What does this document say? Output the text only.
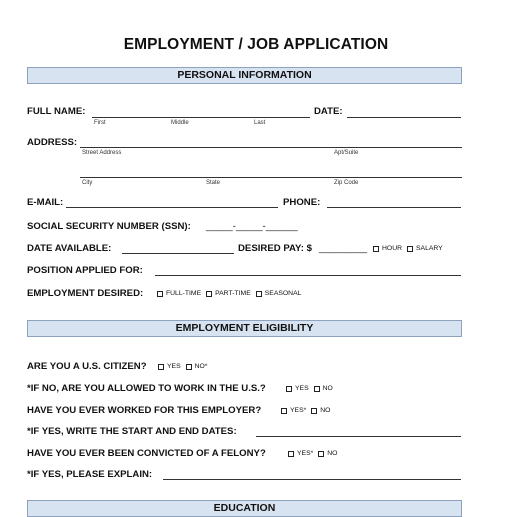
EMPLOYMENT / JOB APPLICATION
PERSONAL INFORMATION
FULL NAME:
First	Middle	Last
DATE:
ADDRESS:
Street Address	Apt/Suite
City	State	Zip Code
E-MAIL:	PHONE:
SOCIAL SECURITY NUMBER (SSN): _____-_____-______
DATE AVAILABLE:	DESIRED PAY: $ _________ HOUR SALARY
POSITION APPLIED FOR:
EMPLOYMENT DESIRED:	FULL-TIME PART-TIME SEASONAL
EMPLOYMENT ELIGIBILITY
ARE YOU A U.S. CITIZEN?	YES NO*
*IF NO, ARE YOU ALLOWED TO WORK IN THE U.S.?	YES NO
HAVE YOU EVER WORKED FOR THIS EMPLOYER?	YES* NO
*IF YES, WRITE THE START AND END DATES:
HAVE YOU EVER BEEN CONVICTED OF A FELONY?	YES* NO
*IF YES, PLEASE EXPLAIN:
EDUCATION
